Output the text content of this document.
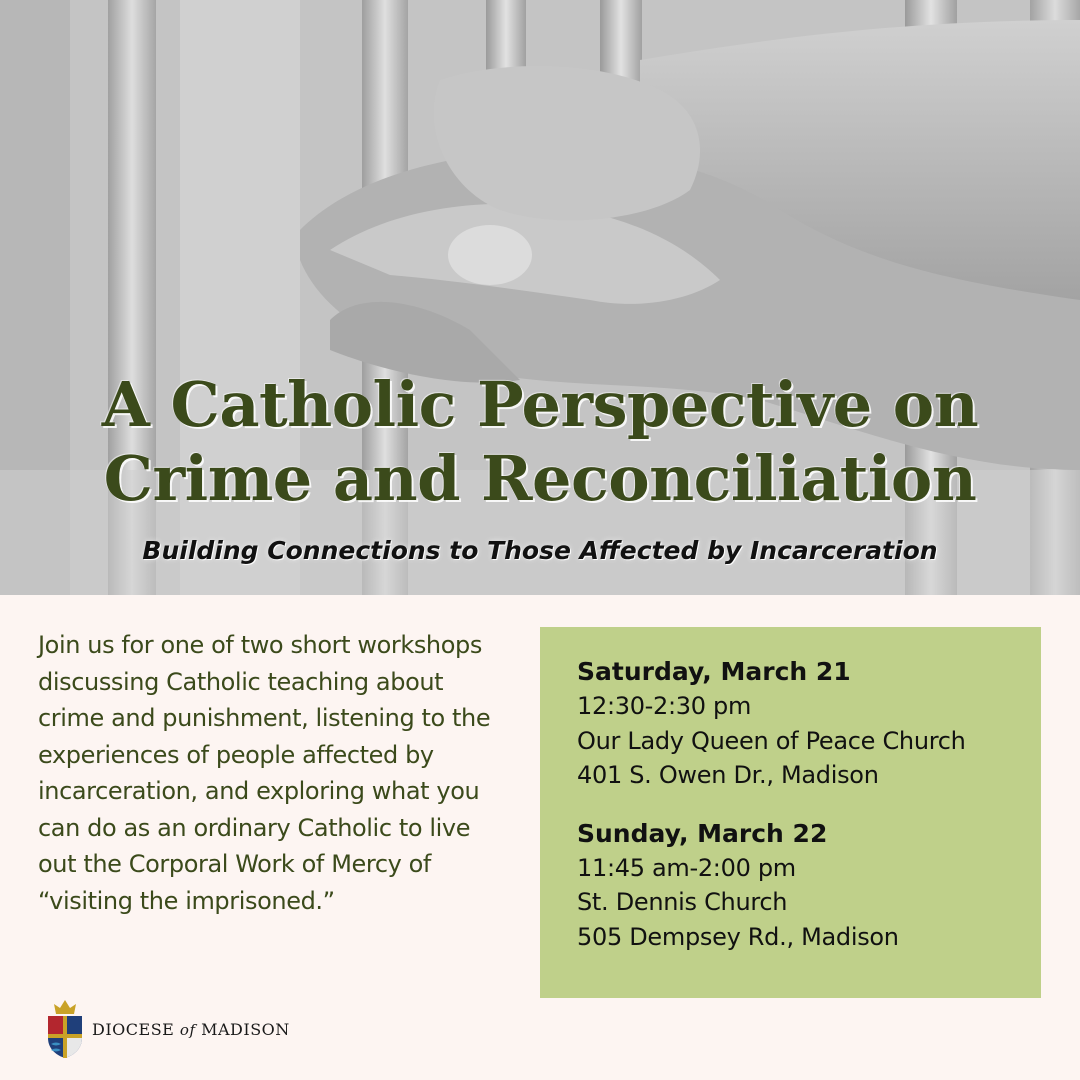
A Catholic Perspective on
Crime and Reconciliation

Building Connections to Those Affected by Incarceration

Join us for one of two short workshops discussing Catholic teaching about crime and punishment, listening to the experiences of people affected by incarceration, and exploring what you can do as an ordinary Catholic to live out the Corporal Work of Mercy of “visiting the imprisoned.”

Saturday, March 21
12:30-2:30 pm
Our Lady Queen of Peace Church
401 S. Owen Dr., Madison
Sunday, March 22
11:45 am-2:00 pm
St. Dennis Church
505 Dempsey Rd., Madison
DIOCESE of MADISON
